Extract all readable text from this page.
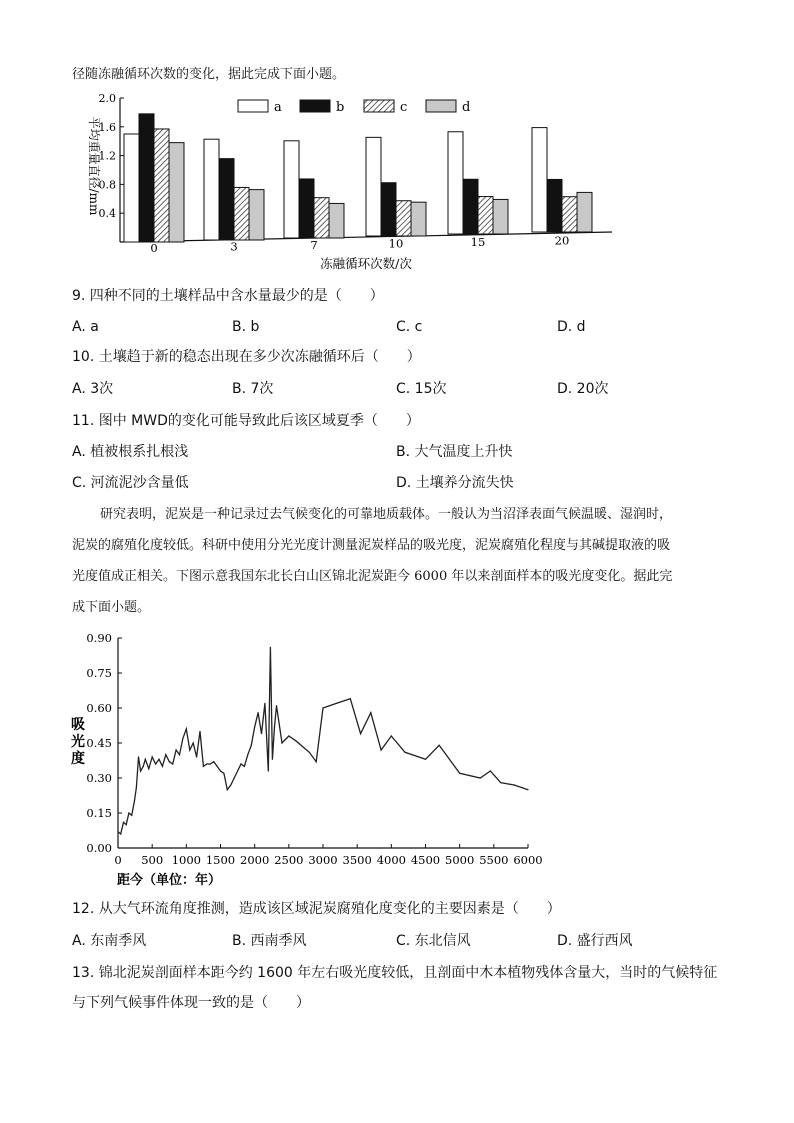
径随冻融循环次数的变化，据此完成下面小题。
0.4
0.8
1.2
1.6
2.0
0	3	7	10	15	20
a	b	c	d
平均重量直径/mm
冻融循环次数/次
9. 四种不同的土壤样品中含水量最少的是（　　）
A. a	B. b	C. c	D. d
10. 土壤趋于新的稳态出现在多少次冻融循环后（　　）
A. 3次	B. 7次	C. 15次	D. 20次
11. 图中 MWD的变化可能导致此后该区域夏季（　　）
A. 植被根系扎根浅	B. 大气温度上升快
C. 河流泥沙含量低	D. 土壤养分流失快
研究表明，泥炭是一种记录过去气候变化的可靠地质载体。一般认为当沼泽表面气候温暖、湿润时，
泥炭的腐殖化度较低。科研中使用分光光度计测量泥炭样品的吸光度，泥炭腐殖化程度与其碱提取液的吸
光度值成正相关。下图示意我国东北长白山区锦北泥炭距今 6000 年以来剖面样本的吸光度变化。据此完
成下面小题。
0.00
0.15
0.30
0.45
0.60
0.75
0.90
0 500 1000 1500 2000 2500 3000 3500 4000 4500 5000 5500 6000
吸
光
度
距今（单位：年）
12. 从大气环流角度推测，造成该区域泥炭腐殖化度变化的主要因素是（　　）
A. 东南季风	B. 西南季风	C. 东北信风	D. 盛行西风
13. 锦北泥炭剖面样本距今约 1600 年左右吸光度较低，且剖面中木本植物残体含量大，当时的气候特征
与下列气候事件体现一致的是（　　）
